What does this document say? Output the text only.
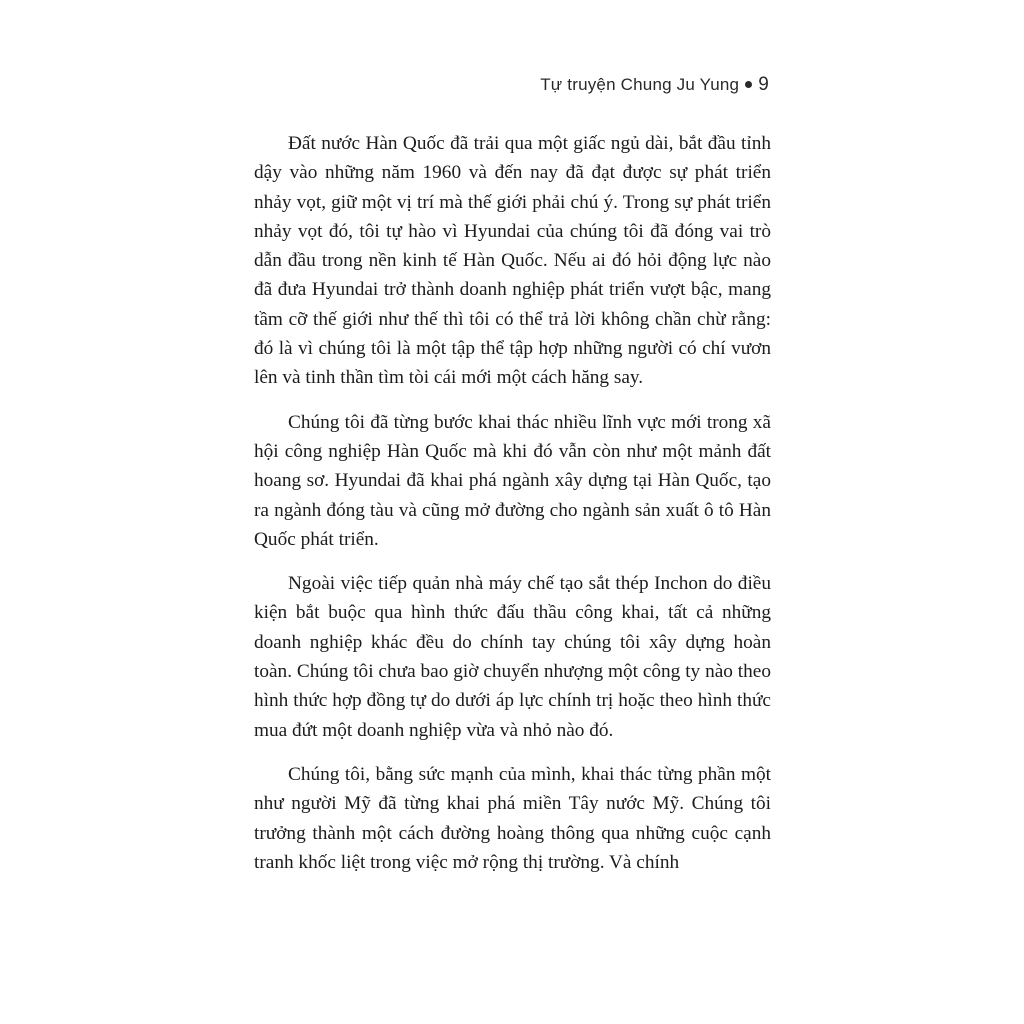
Tự truyện Chung Ju Yung 9

Đất nước Hàn Quốc đã trải qua một giấc ngủ dài, bắt đầu tỉnh dậy vào những năm 1960 và đến nay đã đạt được sự phát triển nhảy vọt, giữ một vị trí mà thế giới phải chú ý. Trong sự phát triển nhảy vọt đó, tôi tự hào vì Hyundai của chúng tôi đã đóng vai trò dẫn đầu trong nền kinh tế Hàn Quốc. Nếu ai đó hỏi động lực nào đã đưa Hyundai trở thành doanh nghiệp phát triển vượt bậc, mang tầm cỡ thế giới như thế thì tôi có thể trả lời không chần chừ rằng: đó là vì chúng tôi là một tập thể tập hợp những người có chí vươn lên và tinh thần tìm tòi cái mới một cách hăng say.

Chúng tôi đã từng bước khai thác nhiều lĩnh vực mới trong xã hội công nghiệp Hàn Quốc mà khi đó vẫn còn như một mảnh đất hoang sơ. Hyundai đã khai phá ngành xây dựng tại Hàn Quốc, tạo ra ngành đóng tàu và cũng mở đường cho ngành sản xuất ô tô Hàn Quốc phát triển.

Ngoài việc tiếp quản nhà máy chế tạo sắt thép Inchon do điều kiện bắt buộc qua hình thức đấu thầu công khai, tất cả những doanh nghiệp khác đều do chính tay chúng tôi xây dựng hoàn toàn. Chúng tôi chưa bao giờ chuyển nhượng một công ty nào theo hình thức hợp đồng tự do dưới áp lực chính trị hoặc theo hình thức mua đứt một doanh nghiệp vừa và nhỏ nào đó.

Chúng tôi, bằng sức mạnh của mình, khai thác từng phần một như người Mỹ đã từng khai phá miền Tây nước Mỹ. Chúng tôi trưởng thành một cách đường hoàng thông qua những cuộc cạnh tranh khốc liệt trong việc mở rộng thị trường. Và chính
